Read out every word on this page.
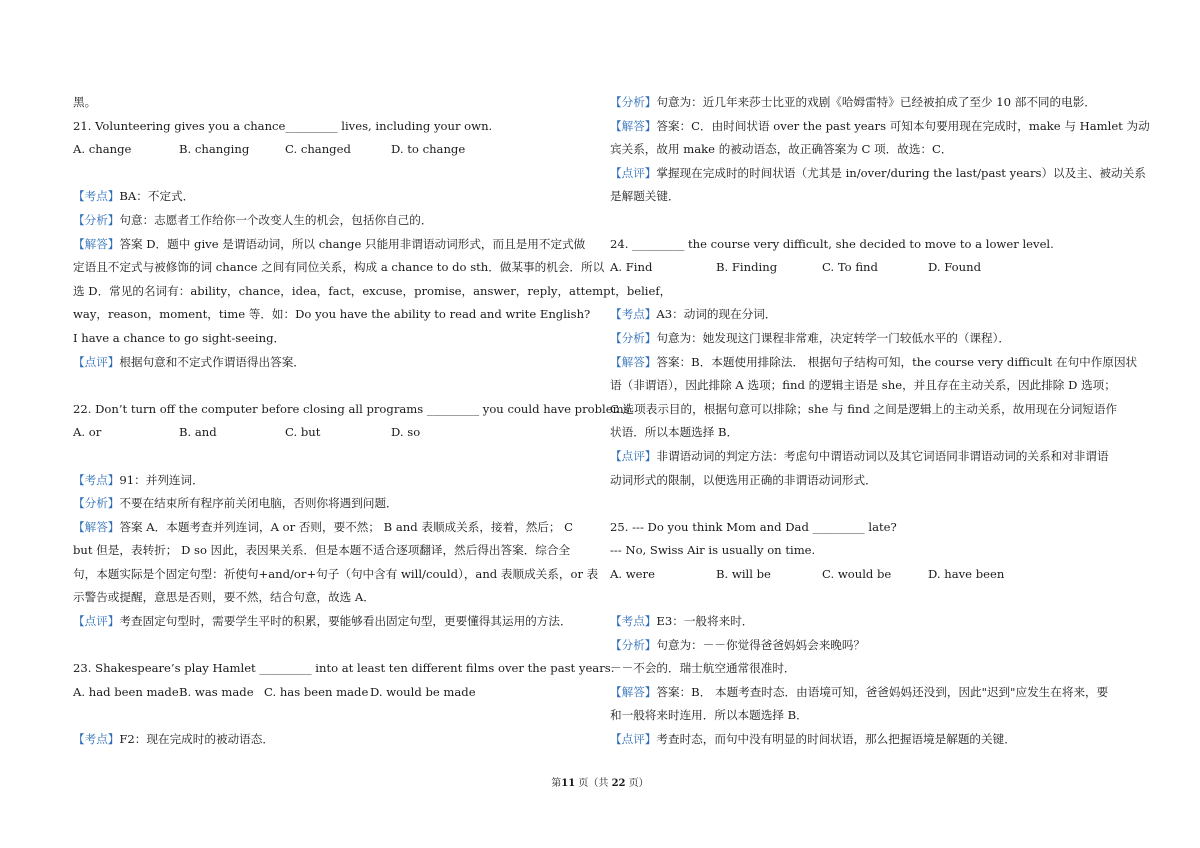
黑。
21. Volunteering gives you a chance_________ lives, including your own.
A. change	B. changing	C. changed	D. to change
【考点】BA：不定式．
【分析】句意：志愿者工作给你一个改变人生的机会，包括你自己的．
【解答】答案 D．题中 give 是谓语动词，所以 change 只能用非谓语动词形式，而且是用不定式做
定语且不定式与被修饰的词 chance 之间有同位关系，构成 a chance to do sth．做某事的机会．所以
选 D．常见的名词有：ability，chance，idea，fact，excuse，promise，answer，reply，attempt，belief，
way，reason，moment，time 等．如：Do you have the ability to read and write English?
I have a chance to go sight-seeing．
【点评】根据句意和不定式作谓语得出答案．
22. Don’t turn off the computer before closing all programs _________ you could have problems
A. or	B. and	C. but	D. so
【考点】91：并列连词．
【分析】不要在结束所有程序前关闭电脑，否则你将遇到问题．
【解答】答案 A．本题考查并列连词，A or 否则，要不然； B and 表顺成关系，接着，然后； C
but 但是，表转折； D so 因此，表因果关系．但是本题不适合逐项翻译，然后得出答案．综合全
句，本题实际是个固定句型：祈使句+and/or+句子（句中含有 will/could），and 表顺成关系，or 表
示警告或提醒，意思是否则，要不然，结合句意，故选 A．
【点评】考查固定句型时，需要学生平时的积累，要能够看出固定句型，更要懂得其运用的方法．
23. Shakespeare’s play Hamlet _________ into at least ten different films over the past years.
A. had been made B. was made C. has been made D. would be made
【考点】F2：现在完成时的被动语态．
【分析】句意为：近几年来莎士比亚的戏剧《哈姆雷特》已经被拍成了至少 10 部不同的电影．
【解答】答案：C．由时间状语 over the past years 可知本句要用现在完成时，make 与 Hamlet 为动
宾关系，故用 make 的被动语态，故正确答案为 C 项．故选：C．
【点评】掌握现在完成时的时间状语（尤其是 in/over/during the last/past years）以及主、被动关系
是解题关键．
24. _________ the course very difficult, she decided to move to a lower level.
A. Find	B. Finding	C. To find	D. Found
【考点】A3：动词的现在分词．
【分析】句意为：她发现这门课程非常难，决定转学一门较低水平的（课程）．
【解答】答案：B．本题使用排除法． 根据句子结构可知，the course very difficult 在句中作原因状
语（非谓语），因此排除 A 选项；find 的逻辑主语是 she，并且存在主动关系，因此排除 D 选项；
C 选项表示目的，根据句意可以排除；she 与 find 之间是逻辑上的主动关系，故用现在分词短语作
状语．所以本题选择 B．
【点评】非谓语动词的判定方法：考虑句中谓语动词以及其它词语同非谓语动词的关系和对非谓语
动词形式的限制，以便选用正确的非谓语动词形式．
25. --- Do you think Mom and Dad _________ late?
--- No, Swiss Air is usually on time.
A. were	B. will be	C. would be	D. have been
【考点】E3：一般将来时．
【分析】句意为：－－你觉得爸爸妈妈会来晚吗？
－－不会的．瑞士航空通常很准时．
【解答】答案：B． 本题考查时态．由语境可知，爸爸妈妈还没到，因此"迟到"应发生在将来，要
和一般将来时连用．所以本题选择 B．
【点评】考查时态，而句中没有明显的时间状语，那么把握语境是解题的关键．
第11 页（共 22 页）
